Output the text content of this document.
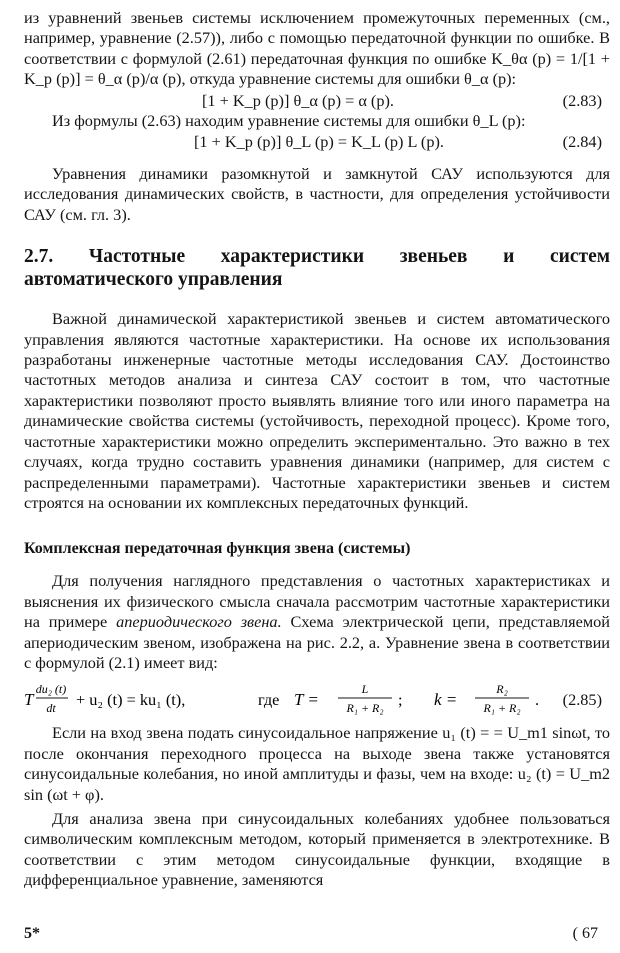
из уравнений звеньев системы исключением промежуточных переменных (см., например, уравнение (2.57)), либо с помощью передаточной функции по ошибке. В соответствии с формулой (2.61) передаточная функция по ошибке K_θα (p) = 1/[1 + K_p (p)] = θ_α (p)/α (p), откуда уравнение системы для ошибки θ_α (p):

[1 + K_p (p)] θ_α (p) = α (p).	(2.83)

Из формулы (2.63) находим уравнение системы для ошибки θ_L (p):

[1 + K_p (p)] θ_L (p) = K_L (p) L (p).	(2.84)

Уравнения динамики разомкнутой и замкнутой САУ используются для исследования динамических свойств, в частности, для определения устойчивости САУ (см. гл. 3).

2.7. Частотные характеристики звеньев и систем автоматического управления

Важной динамической характеристикой звеньев и систем автоматического управления являются частотные характеристики. На основе их использования разработаны инженерные частотные методы исследования САУ. Достоинство частотных методов анализа и синтеза САУ состоит в том, что частотные характеристики позволяют просто выявлять влияние того или иного параметра на динамические свойства системы (устойчивость, переходной процесс). Кроме того, частотные характеристики можно определить экспериментально. Это важно в тех случаях, когда трудно составить уравнения динамики (например, для систем с распределенными параметрами). Частотные характеристики звеньев и систем строятся на основании их комплексных передаточных функций.

Комплексная передаточная функция звена (системы)

Для получения наглядного представления о частотных характеристиках и выяснения их физического смысла сначала рассмотрим частотные характеристики на примере апериодического звена. Схема электрической цепи, представляемой апериодическим звеном, изображена на рис. 2.2, а. Уравнение звена в соответствии с формулой (2.1) имеет вид:

T
du₂ (t)
dt + u₂ (t) = ku₁ (t),	где T =
L
R₁ + R₂ ; k =
R₂
R₁ + R₂ . (2.85)

Если на вход звена подать синусоидальное напряжение u₁ (t) = = U_m1 sinωt, то после окончания переходного процесса на выходе звена также установятся синусоидальные колебания, но иной амплитуды и фазы, чем на входе: u₂ (t) = U_m2 sin (ωt + φ).

Для анализа звена при синусоидальных колебаниях удобнее пользоваться символическим комплексным методом, который применяется в электротехнике. В соответствии с этим методом синусоидальные функции, входящие в дифференциальное уравнение, заменяются

5*	( 67
